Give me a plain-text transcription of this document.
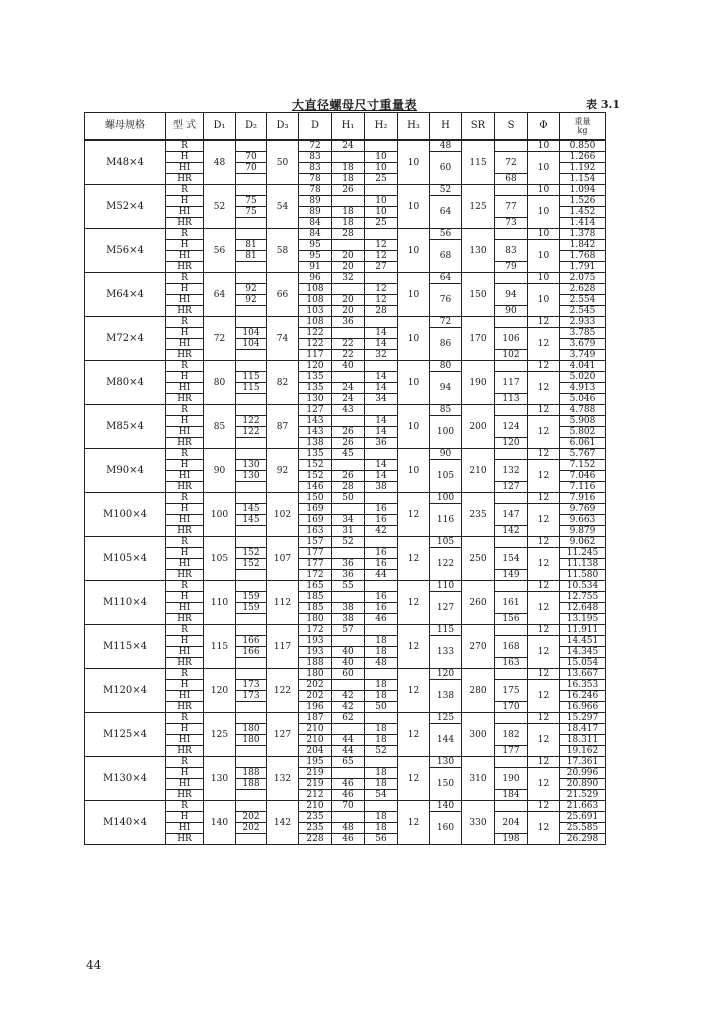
大直径螺母尺寸重量表	表 3.1
螺母规格	型 式	D₁	D₂	D₃	D	H₁	H₂	H₃	H	SR	S	Φ	重量
kg

M48×4	R	48		50	72	24		10	48	115		10	0.850
	H		70		83		10		60		72	10	1.266
	HI		70		83	18	10						1.192
	HR				78	18	25				68		1.154
M52×4	R	52		54	78	26		10	52	125		10	1.094
	H		75		89		10		64		77	10	1.526
	HI		75		89	18	10						1.452
	HR				84	18	25				73		1.414
M56×4	R	56		58	84	28		10	56	130		10	1.378
	H		81		95		12		68		83	10	1.842
	HI		81		95	20	12						1.768
	HR				91	20	27				79		1.791
M64×4	R	64		66	96	32		10	64	150		10	2.075
	H		92		108		12		76		94	10	2.628
	HI		92		108	20	12						2.554
	HR				103	20	28				90		2.545
M72×4	R	72		74	108	36		10	72	170		12	2.933
	H		104		122		14		86		106	12	3.785
	HI		104		122	22	14						3.679
	HR				117	22	32				102		3.749
M80×4	R	80		82	120	40		10	80	190		12	4.041
	H		115		135		14		94		117	12	5.020
	HI		115		135	24	14						4.913
	HR				130	24	34				113		5.046
M85×4	R	85		87	127	43		10	85	200		12	4.788
	H		122		143		14		100		124	12	5.908
	HI		122		143	26	14						5.802
	HR				138	26	36				120		6.061
M90×4	R	90		92	135	45		10	90	210		12	5.767
	H		130		152		14		105		132	12	7.152
	HI		130		152	26	14						7.046
	HR				146	28	38				127		7.116
M100×4	R	100		102	150	50		12	100	235		12	7.916
	H		145		169		16		116		147	12	9.769
	HI		145		169	34	16						9.663
	HR				163	31	42				142		9.879
M105×4	R	105		107	157	52		12	105	250		12	9.062
	H		152		177		16		122		154	12	11.245
	HI		152		177	36	16						11.138
	HR				172	36	44				149		11.580
M110×4	R	110		112	165	55		12	110	260		12	10.534
	H		159		185		16		127		161	12	12.755
	HI		159		185	38	16						12.648
	HR				180	38	46				156		13.195
M115×4	R	115		117	172	57		12	115	270		12	11.911
	H		166		193		18		133		168	12	14.451
	HI		166		193	40	18						14.345
	HR				188	40	48				163		15.054
M120×4	R	120		122	180	60		12	120	280		12	13.667
	H		173		202		18		138		175	12	16.353
	HI		173		202	42	18						16.246
	HR				196	42	50				170		16.966
M125×4	R	125		127	187	62		12	125	300		12	15.297
	H		180		210		18		144		182	12	18.417
	HI		180		210	44	18						18.311
	HR				204	44	52				177		19.162
M130×4	R	130		132	195	65		12	130	310		12	17.361
	H		188		219		18		150		190	12	20.996
	HI		188		219	46	18						20.890
	HR				212	46	54				184		21.529
M140×4	R	140		142	210	70		12	140	330		12	21.663
	H		202		235		18		160		204	12	25.691
	HI		202		235	48	18						25.585
	HR				228	46	56				198		26.298
44
